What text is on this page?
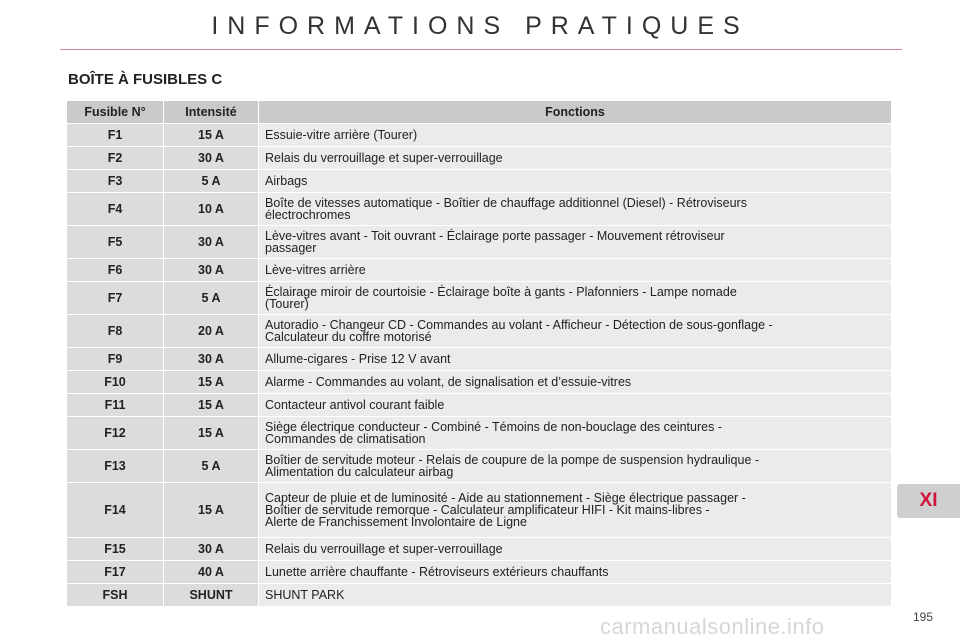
INFORMATIONS PRATIQUES
BOÎTE À FUSIBLES C
Fusible N°	Intensité	Fonctions
F1	15 A	Essuie-vitre arrière (Tourer)

F2	30 A	Relais du verrouillage et super-verrouillage

F3	5 A	Airbags

F4	10 A	Boîte de vitesses automatique - Boîtier de chauffage additionnel (Diesel) - Rétroviseurs
électrochromes

F5	30 A	Lève-vitres avant - Toit ouvrant - Éclairage porte passager - Mouvement rétroviseur
passager

F6	30 A	Lève-vitres arrière

F7	5 A	Éclairage miroir de courtoisie - Éclairage boîte à gants - Plafonniers - Lampe nomade
(Tourer)

F8	20 A	Autoradio - Changeur CD - Commandes au volant - Afficheur - Détection de sous-gonflage -
Calculateur du coffre motorisé

F9	30 A	Allume-cigares - Prise 12 V avant

F10	15 A	Alarme - Commandes au volant, de signalisation et d’essuie-vitres

F11	15 A	Contacteur antivol courant faible

F12	15 A	Siège électrique conducteur - Combiné - Témoins de non-bouclage des ceintures -
Commandes de climatisation

F13	5 A	Boîtier de servitude moteur - Relais de coupure de la pompe de suspension hydraulique -
Alimentation du calculateur airbag

F14	15 A	Capteur de pluie et de luminosité - Aide au stationnement - Siège électrique passager -
Boîtier de servitude remorque - Calculateur amplificateur HIFI - Kit mains-libres -
Alerte de Franchissement Involontaire de Ligne

F15	30 A	Relais du verrouillage et super-verrouillage

F17	40 A	Lunette arrière chauffante - Rétroviseurs extérieurs chauffants

FSH	SHUNT	SHUNT PARK
XI
195
carmanualsonline.info
